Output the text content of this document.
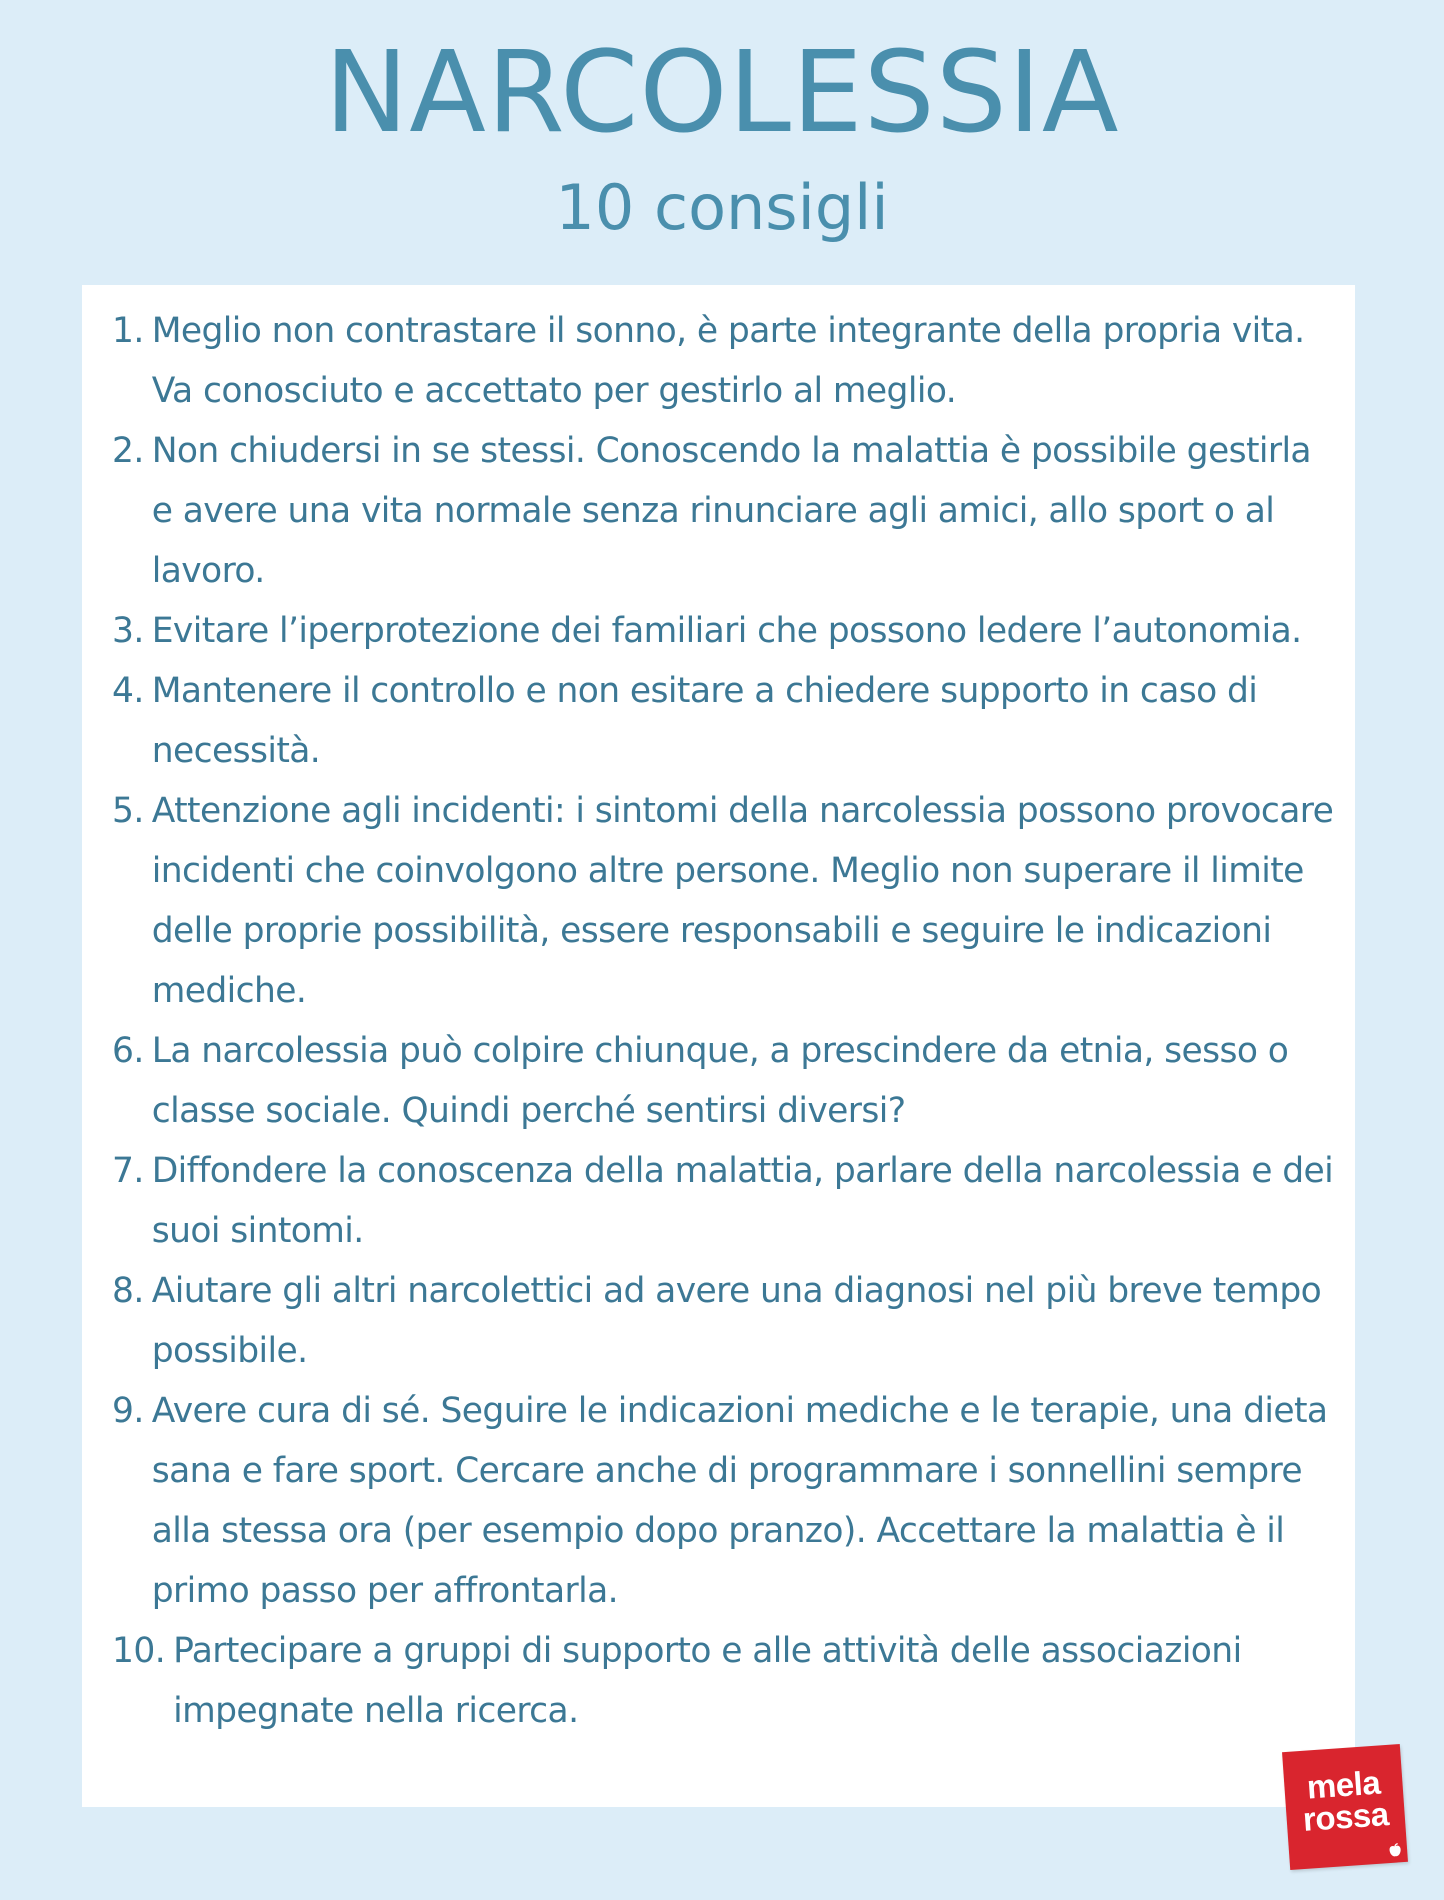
NARCOLESSIA
10 consigli
1. Meglio non contrastare il sonno, è parte integrante della propria vita. Va conosciuto e accettato per gestirlo al meglio.
2. Non chiudersi in se stessi. Conoscendo la malattia è possibile gestirla e avere una vita normale senza rinunciare agli amici, allo sport o al lavoro.
3. Evitare l’iperprotezione dei familiari che possono ledere l’autonomia.
4. Mantenere il controllo e non esitare a chiedere supporto in caso di necessità.
5. Attenzione agli incidenti: i sintomi della narcolessia possono provocare incidenti che coinvolgono altre persone. Meglio non superare il limite delle proprie possibilità, essere responsabili e seguire le indicazioni mediche.
6. La narcolessia può colpire chiunque, a prescindere da etnia, sesso o classe sociale. Quindi perché sentirsi diversi?
7. Diffondere la conoscenza della malattia, parlare della narcolessia e dei suoi sintomi.
8. Aiutare gli altri narcolettici ad avere una diagnosi nel più breve tempo possibile.
9. Avere cura di sé. Seguire le indicazioni mediche e le terapie, una dieta sana e fare sport. Cercare anche di programmare i sonnellini sempre alla stessa ora (per esempio dopo pranzo). Accettare la malattia è il primo passo per affrontarla.
10. Partecipare a gruppi di supporto e alle attività delle associazioni impegnate nella ricerca.
mela
rossa
